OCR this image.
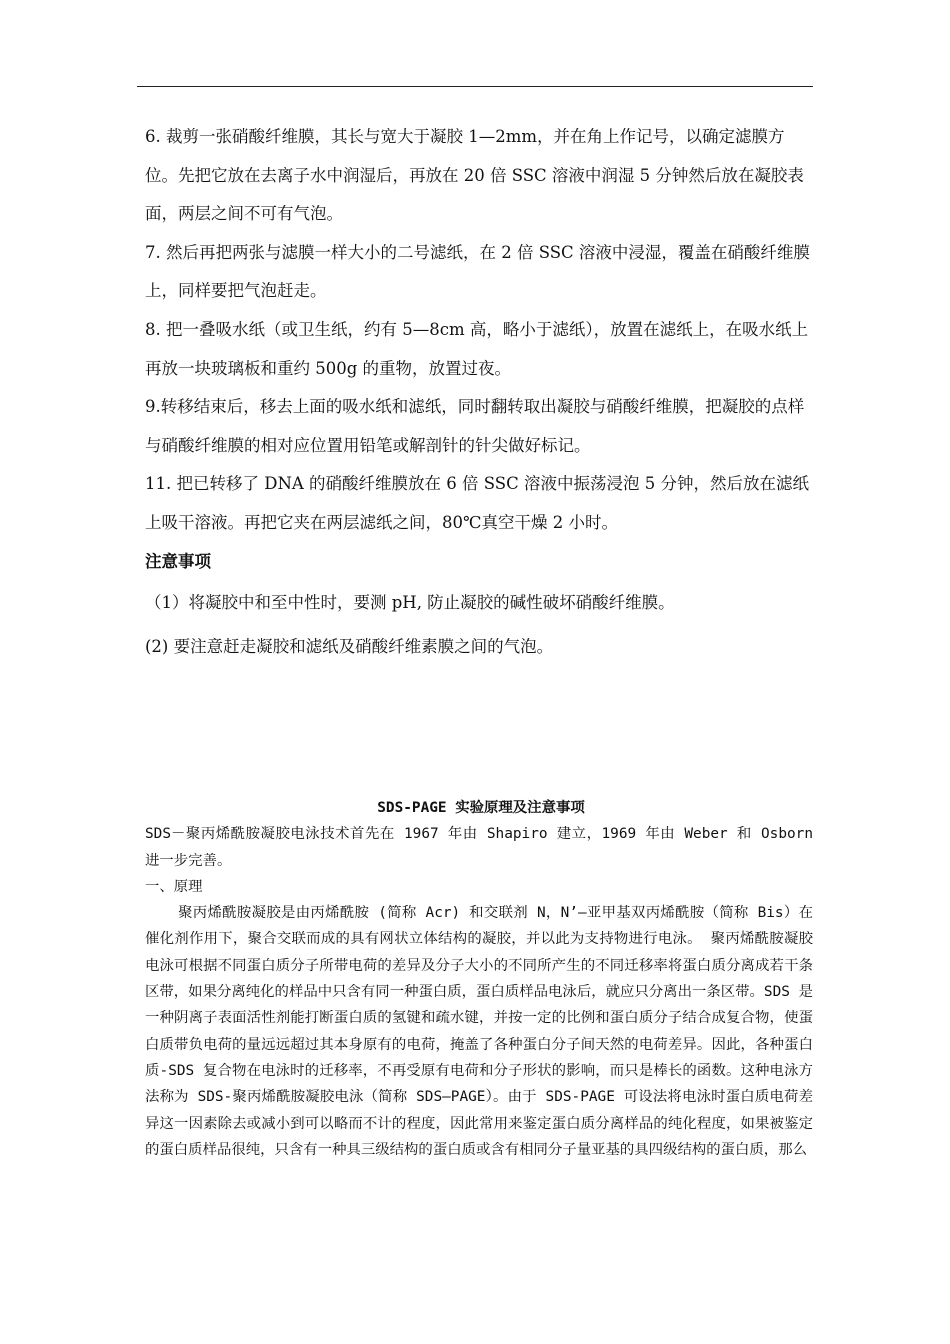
6. 裁剪一张硝酸纤维膜，其长与宽大于凝胶 1—2mm，并在角上作记号，以确定滤膜方位。先把它放在去离子水中润湿后，再放在 20 倍 SSC 溶液中润湿 5 分钟然后放在凝胶表面，两层之间不可有气泡。

7. 然后再把两张与滤膜一样大小的二号滤纸，在 2 倍 SSC 溶液中浸湿，覆盖在硝酸纤维膜上，同样要把气泡赶走。

8. 把一叠吸水纸（或卫生纸，约有 5—8cm 高，略小于滤纸），放置在滤纸上，在吸水纸上再放一块玻璃板和重约 500g 的重物，放置过夜。

9.转移结束后，移去上面的吸水纸和滤纸，同时翻转取出凝胶与硝酸纤维膜，把凝胶的点样与硝酸纤维膜的相对应位置用铅笔或解剖针的针尖做好标记。

11. 把已转移了 DNA 的硝酸纤维膜放在 6 倍 SSC 溶液中振荡浸泡 5 分钟，然后放在滤纸上吸干溶液。再把它夹在两层滤纸之间，80℃真空干燥 2 小时。

注意事项

（1）将凝胶中和至中性时，要测 pH, 防止凝胶的碱性破坏硝酸纤维膜。

(2) 要注意赶走凝胶和滤纸及硝酸纤维素膜之间的气泡。

SDS-PAGE 实验原理及注意事项

SDS－聚丙烯酰胺凝胶电泳技术首先在 1967 年由 Shapiro 建立，1969 年由 Weber 和 Osborn 进一步完善。

一、原理

聚丙烯酰胺凝胶是由丙烯酰胺 (简称 Acr) 和交联剂 N，N’—亚甲基双丙烯酰胺（简称 Bis）在催化剂作用下，聚合交联而成的具有网状立体结构的凝胶，并以此为支持物进行电泳。 聚丙烯酰胺凝胶电泳可根据不同蛋白质分子所带电荷的差异及分子大小的不同所产生的不同迁移率将蛋白质分离成若干条区带，如果分离纯化的样品中只含有同一种蛋白质，蛋白质样品电泳后，就应只分离出一条区带。SDS 是一种阴离子表面活性剂能打断蛋白质的氢键和疏水键，并按一定的比例和蛋白质分子结合成复合物，使蛋白质带负电荷的量远远超过其本身原有的电荷，掩盖了各种蛋白分子间天然的电荷差异。因此，各种蛋白质-SDS 复合物在电泳时的迁移率，不再受原有电荷和分子形状的影响，而只是棒长的函数。这种电泳方法称为 SDS-聚丙烯酰胺凝胶电泳（简称 SDS—PAGE）。由于 SDS-PAGE 可设法将电泳时蛋白质电荷差异这一因素除去或减小到可以略而不计的程度，因此常用来鉴定蛋白质分离样品的纯化程度，如果被鉴定的蛋白质样品很纯，只含有一种具三级结构的蛋白质或含有相同分子量亚基的具四级结构的蛋白质，那么
